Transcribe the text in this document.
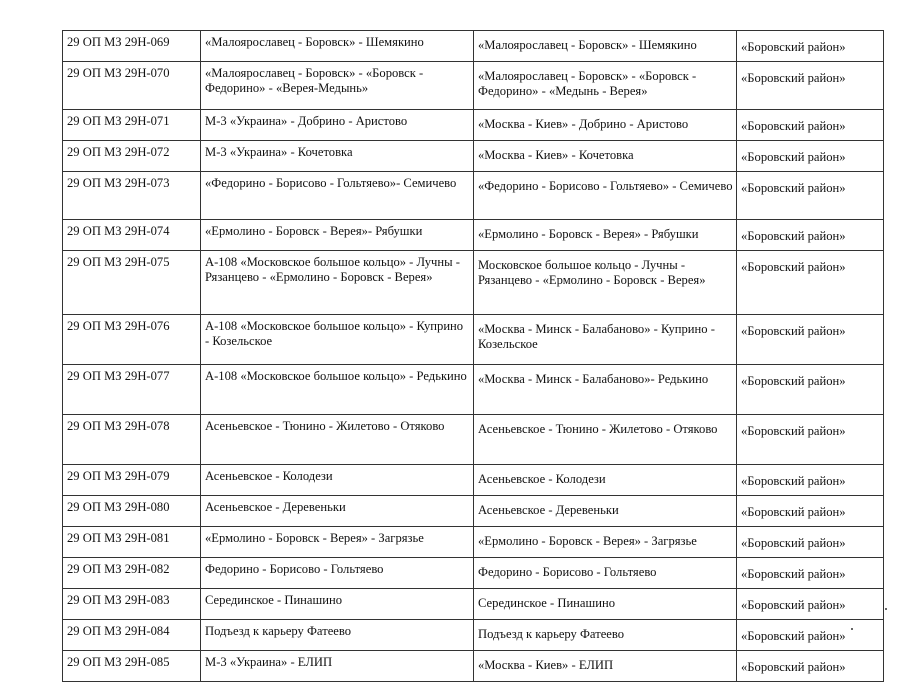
29 ОП МЗ 29Н-069	«Малоярославец - Боровск» - Шемякино	«Малоярославец - Боровск» - Шемякино	«Боровский район»
29 ОП МЗ 29Н-070	«Малоярославец - Боровск» - «Боровск - Федорино» - «Верея-Медынь»	«Малоярославец - Боровск» - «Боровск - Федорино» - «Медынь - Верея»	«Боровский район»
29 ОП МЗ 29Н-071	М-3 «Украина» - Добрино - Аристово	«Москва - Киев» - Добрино - Аристово	«Боровский район»
29 ОП МЗ 29Н-072	М-3 «Украина» - Кочетовка	«Москва - Киев» - Кочетовка	«Боровский район»
29 ОП МЗ 29Н-073	«Федорино - Борисово - Гольтяево»- Семичево	«Федорино - Борисово - Гольтяево» - Семичево	«Боровский район»
29 ОП МЗ 29Н-074	«Ермолино - Боровск - Верея»- Рябушки	«Ермолино - Боровск - Верея» - Рябушки	«Боровский район»
29 ОП МЗ 29Н-075	А-108 «Московское большое кольцо» - Лучны - Рязанцево - «Ермолино - Боровск - Верея»	Московское большое кольцо - Лучны - Рязанцево - «Ермолино - Боровск - Верея»	«Боровский район»
29 ОП МЗ 29Н-076	А-108 «Московское большое кольцо» - Куприно - Козельское	«Москва - Минск - Балабаново» - Куприно - Козельское	«Боровский район»
29 ОП МЗ 29Н-077	А-108 «Московское большое кольцо» - Редькино	«Москва - Минск - Балабаново»- Редькино	«Боровский район»
29 ОП МЗ 29Н-078	Асеньевское - Тюнино - Жилетово - Отяково	Асеньевское - Тюнино - Жилетово - Отяково	«Боровский район»
29 ОП МЗ 29Н-079	Асеньевское - Колодези	Асеньевское - Колодези	«Боровский район»
29 ОП МЗ 29Н-080	Асеньевское - Деревеньки	Асеньевское - Деревеньки	«Боровский район»
29 ОП МЗ 29Н-081	«Ермолино - Боровск - Верея» - Загрязье	«Ермолино - Боровск - Верея» - Загрязье	«Боровский район»
29 ОП МЗ 29Н-082	Федорино - Борисово - Гольтяево	Федорино - Борисово - Гольтяево	«Боровский район»
29 ОП МЗ 29Н-083	Серединское - Пинашино	Серединское - Пинашино	«Боровский район»
29 ОП МЗ 29Н-084	Подъезд к карьеру Фатеево	Подъезд к карьеру Фатеево	«Боровский район»
29 ОП МЗ 29Н-085	М-3 «Украина» - ЕЛИП	«Москва - Киев» - ЕЛИП	«Боровский район»
